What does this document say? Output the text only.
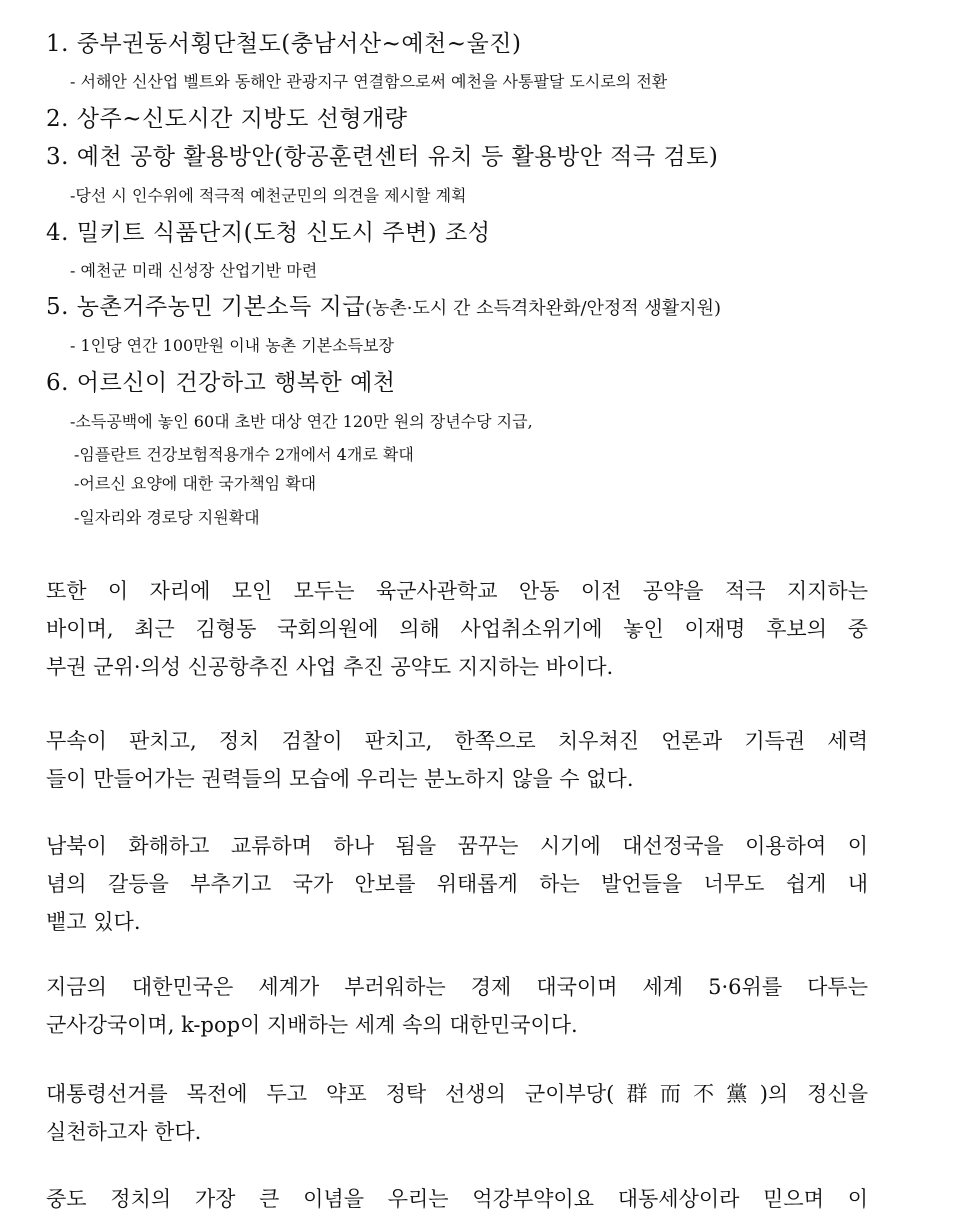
1. 중부권동서횡단철도(충남서산~예천~울진)
- 서해안 신산업 벨트와 동해안 관광지구 연결함으로써 예천을 사통팔달 도시로의 전환
2. 상주~신도시간 지방도 선형개량
3. 예천 공항 활용방안(항공훈련센터 유치 등 활용방안 적극 검토)
-당선 시 인수위에 적극적 예천군민의 의견을 제시할 계획
4. 밀키트 식품단지(도청 신도시 주변) 조성
- 예천군 미래 신성장 산업기반 마련
5. 농촌거주농민 기본소득 지급(농촌·도시 간 소득격차완화/안정적 생활지원)
- 1인당 연간 100만원 이내 농촌 기본소득보장
6. 어르신이 건강하고 행복한 예천
-소득공백에 놓인 60대 초반 대상 연간 120만 원의 장년수당 지급,
-임플란트 건강보험적용개수 2개에서 4개로 확대
-어르신 요양에 대한 국가책임 확대
-일자리와 경로당 지원확대
또한 이 자리에 모인 모두는 육군사관학교 안동 이전 공약을 적극 지지하는
바이며, 최근 김형동 국회의원에 의해 사업취소위기에 놓인 이재명 후보의 중
부권 군위·의성 신공항추진 사업 추진 공약도 지지하는 바이다.
무속이 판치고, 정치 검찰이 판치고, 한쪽으로 치우쳐진 언론과 기득권 세력
들이 만들어가는 권력들의 모습에 우리는 분노하지 않을 수 없다.
남북이 화해하고 교류하며 하나 됨을 꿈꾸는 시기에 대선정국을 이용하여 이
념의 갈등을 부추기고 국가 안보를 위태롭게 하는 발언들을 너무도 쉽게 내
뱉고 있다.
지금의 대한민국은 세계가 부러워하는 경제 대국이며 세계 5·6위를 다투는
군사강국이며, k-pop이 지배하는 세계 속의 대한민국이다.
대통령선거를 목전에 두고 약포 정탁 선생의 군이부당(群而不黨)의 정신을
실천하고자 한다.
중도 정치의 가장 큰 이념을 우리는 억강부약이요 대동세상이라 믿으며 이
